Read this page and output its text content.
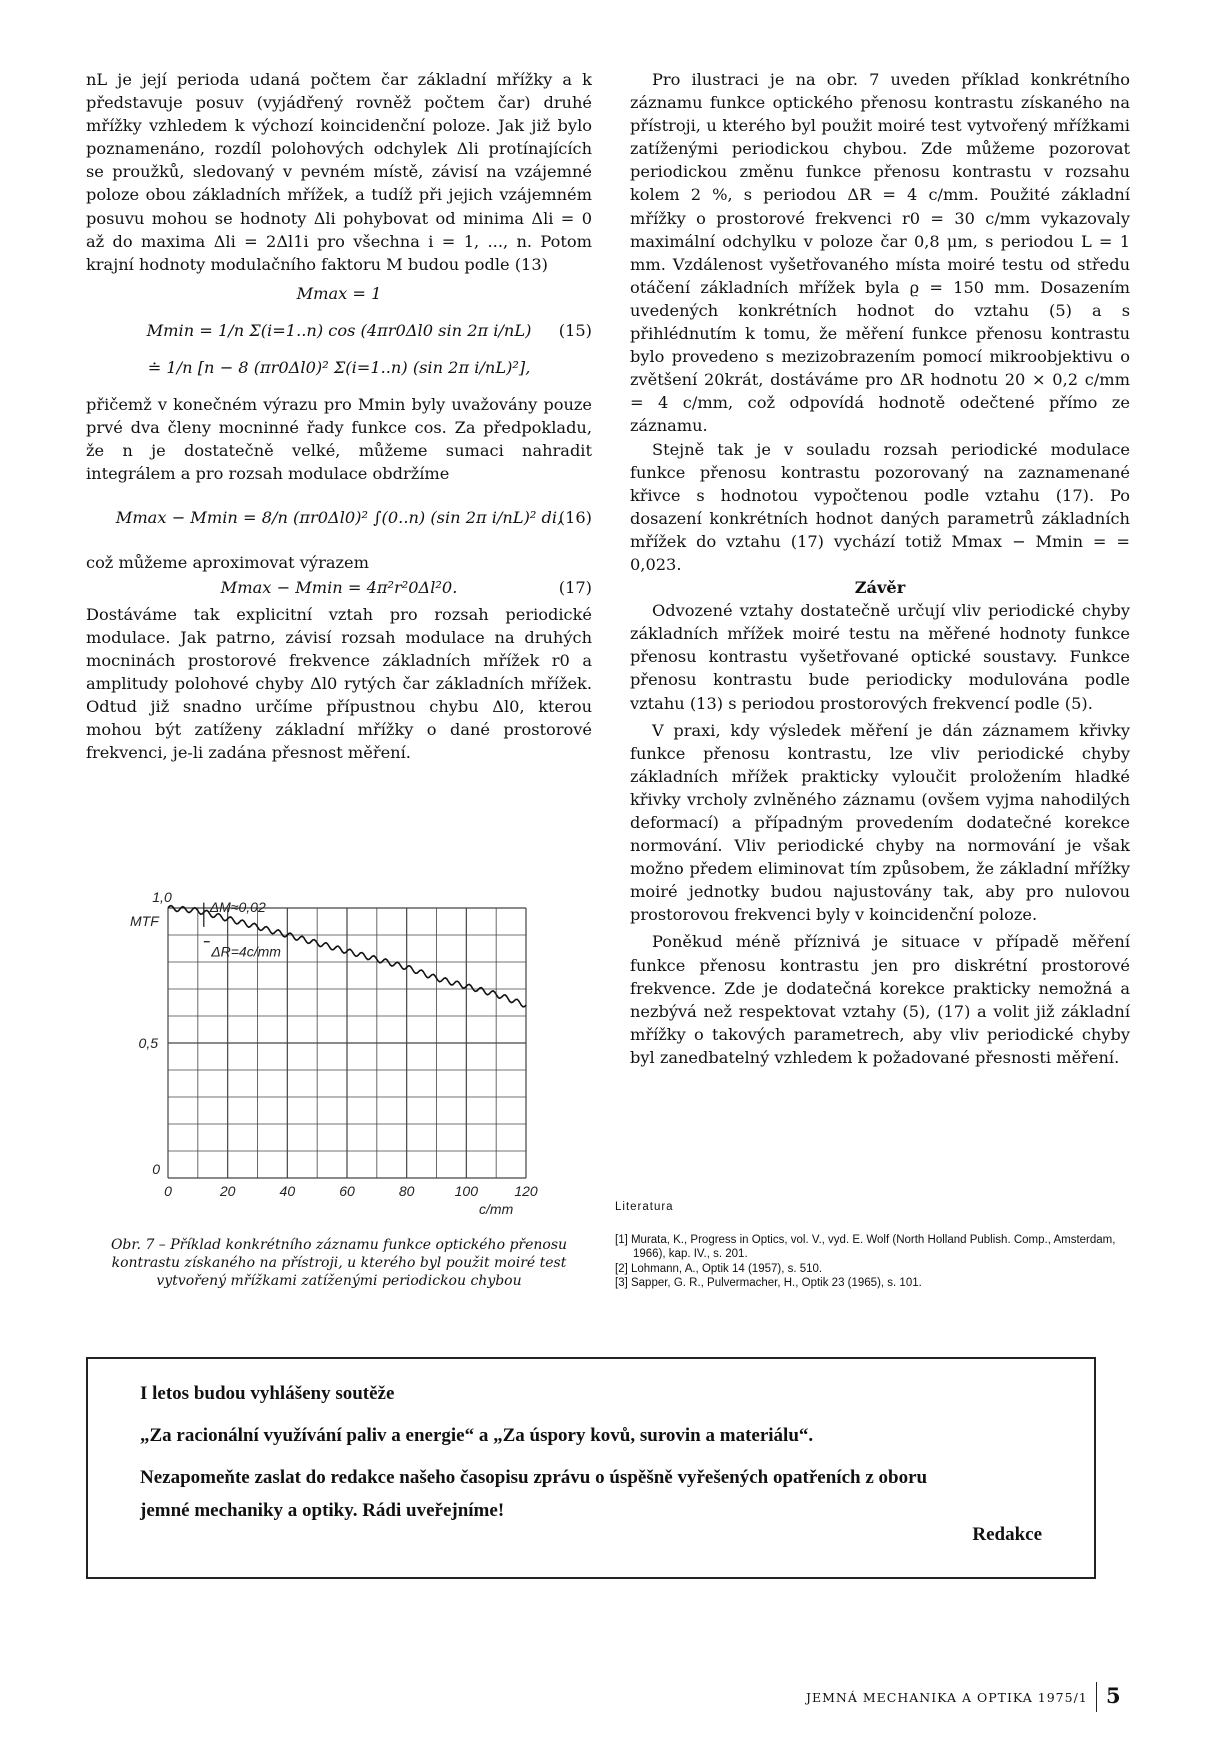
nL je její perioda udaná počtem čar základní mřížky a k představuje posuv (vyjádřený rovněž počtem čar) druhé mřížky vzhledem k výchozí koincidenční poloze. Jak již bylo poznamenáno, rozdíl polohových odchylek Δli protínajících se proužků, sledovaný v pevném místě, závisí na vzájemné poloze obou základních mřížek, a tudíž při jejich vzájemném posuvu mohou se hodnoty Δli pohybovat od minima Δli = 0 až do maxima Δli = 2Δl1i pro všechna i = 1, ..., n. Potom krajní hodnoty modulačního faktoru M budou podle (13)

Mmax = 1
Mmin = 1/n Σ(i=1..n) cos (4πr0Δl0 sin 2π i/nL) (15)
≐ 1/n [n − 8 (πr0Δl0)² Σ(i=1..n) (sin 2π i/nL)²],

přičemž v konečném výrazu pro Mmin byly uvažovány pouze prvé dva členy mocninné řady funkce cos. Za předpokladu, že n je dostatečně velké, můžeme sumaci nahradit integrálem a pro rozsah modulace obdržíme

Mmax − Mmin = 8/n (πr0Δl0)² ∫(0..n) (sin 2π i/nL)² di,
(16)

což můžeme aproximovat výrazem

Mmax − Mmin = 4π²r²0Δl²0.	(17)

Dostáváme tak explicitní vztah pro rozsah periodické modulace. Jak patrno, závisí rozsah modulace na druhých mocninách prostorové frekvence základních mřížek r0 a amplitudy polohové chyby Δl0 rytých čar základních mřížek. Odtud již snadno určíme přípustnou chybu Δl0, kterou mohou být zatíženy základní mřížky o dané prostorové frekvenci, je-li zadána přesnost měření.

MTF
1,0
0,5
0
0	20	40	60	80	100	120
c/mm
ΔM≈0,02
ΔR=4c/mm
Obr. 7 – Příklad konkrétního záznamu funkce optického přenosu kontrastu získaného na přístroji, u kterého byl použit moiré test vytvořený mřížkami zatíženými periodickou chybou

Pro ilustraci je na obr. 7 uveden příklad konkrétního záznamu funkce optického přenosu kontrastu získaného na přístroji, u kterého byl použit moiré test vytvořený mřížkami zatíženými periodickou chybou. Zde můžeme pozorovat periodickou změnu funkce přenosu kontrastu v rozsahu kolem 2 %, s periodou ΔR = 4 c/mm. Použité základní mřížky o prostorové frekvenci r0 = 30 c/mm vykazovaly maximální odchylku v poloze čar 0,8 μm, s periodou L = 1 mm. Vzdálenost vyšetřovaného místa moiré testu od středu otáčení základních mřížek byla ϱ = 150 mm. Dosazením uvedených konkrétních hodnot do vztahu (5) a s přihlédnutím k tomu, že měření funkce přenosu kontrastu bylo provedeno s mezizobrazením pomocí mikroobjektivu o zvětšení 20krát, dostáváme pro ΔR hodnotu 20 × 0,2 c/mm = 4 c/mm, což odpovídá hodnotě odečtené přímo ze záznamu.

Stejně tak je v souladu rozsah periodické modulace funkce přenosu kontrastu pozorovaný na zaznamenané křivce s hodnotou vypočtenou podle vztahu (17). Po dosazení konkrétních hodnot daných parametrů základních mřížek do vztahu (17) vychází totiž Mmax − Mmin = = 0,023.

Závěr

Odvozené vztahy dostatečně určují vliv periodické chyby základních mřížek moiré testu na měřené hodnoty funkce přenosu kontrastu vyšetřované optické soustavy. Funkce přenosu kontrastu bude periodicky modulována podle vztahu (13) s periodou prostorových frekvencí podle (5).

V praxi, kdy výsledek měření je dán záznamem křivky funkce přenosu kontrastu, lze vliv periodické chyby základních mřížek prakticky vyloučit proložením hladké křivky vrcholy zvlněného záznamu (ovšem vyjma nahodilých deformací) a případným provedením dodatečné korekce normování. Vliv periodické chyby na normování je však možno předem eliminovat tím způsobem, že základní mřížky moiré jednotky budou najustovány tak, aby pro nulovou prostorovou frekvenci byly v koincidenční poloze.

Poněkud méně příznivá je situace v případě měření funkce přenosu kontrastu jen pro diskrétní prostorové frekvence. Zde je dodatečná korekce prakticky nemožná a nezbývá než respektovat vztahy (5), (17) a volit již základní mřížky o takových parametrech, aby vliv periodické chyby byl zanedbatelný vzhledem k požadované přesnosti měření.

Literatura

[1] Murata, K., Progress in Optics, vol. V., vyd. E. Wolf (North Holland Publish. Comp., Amsterdam, 1966), kap. IV., s. 201.

[2] Lohmann, A., Optik 14 (1957), s. 510.

[3] Sapper, G. R., Pulvermacher, H., Optik 23 (1965), s. 101.

I letos budou vyhlášeny soutěže
„Za racionální využívání paliv a energie“ a „Za úspory kovů, surovin a materiálu“.
Nezapomeňte zaslat do redakce našeho časopisu zprávu o úspěšně vyřešených opatřeních z oboru
jemné mechaniky a optiky. Rádi uveřejníme!
Redakce
JEMNÁ MECHANIKA A OPTIKA 1975/1 5
